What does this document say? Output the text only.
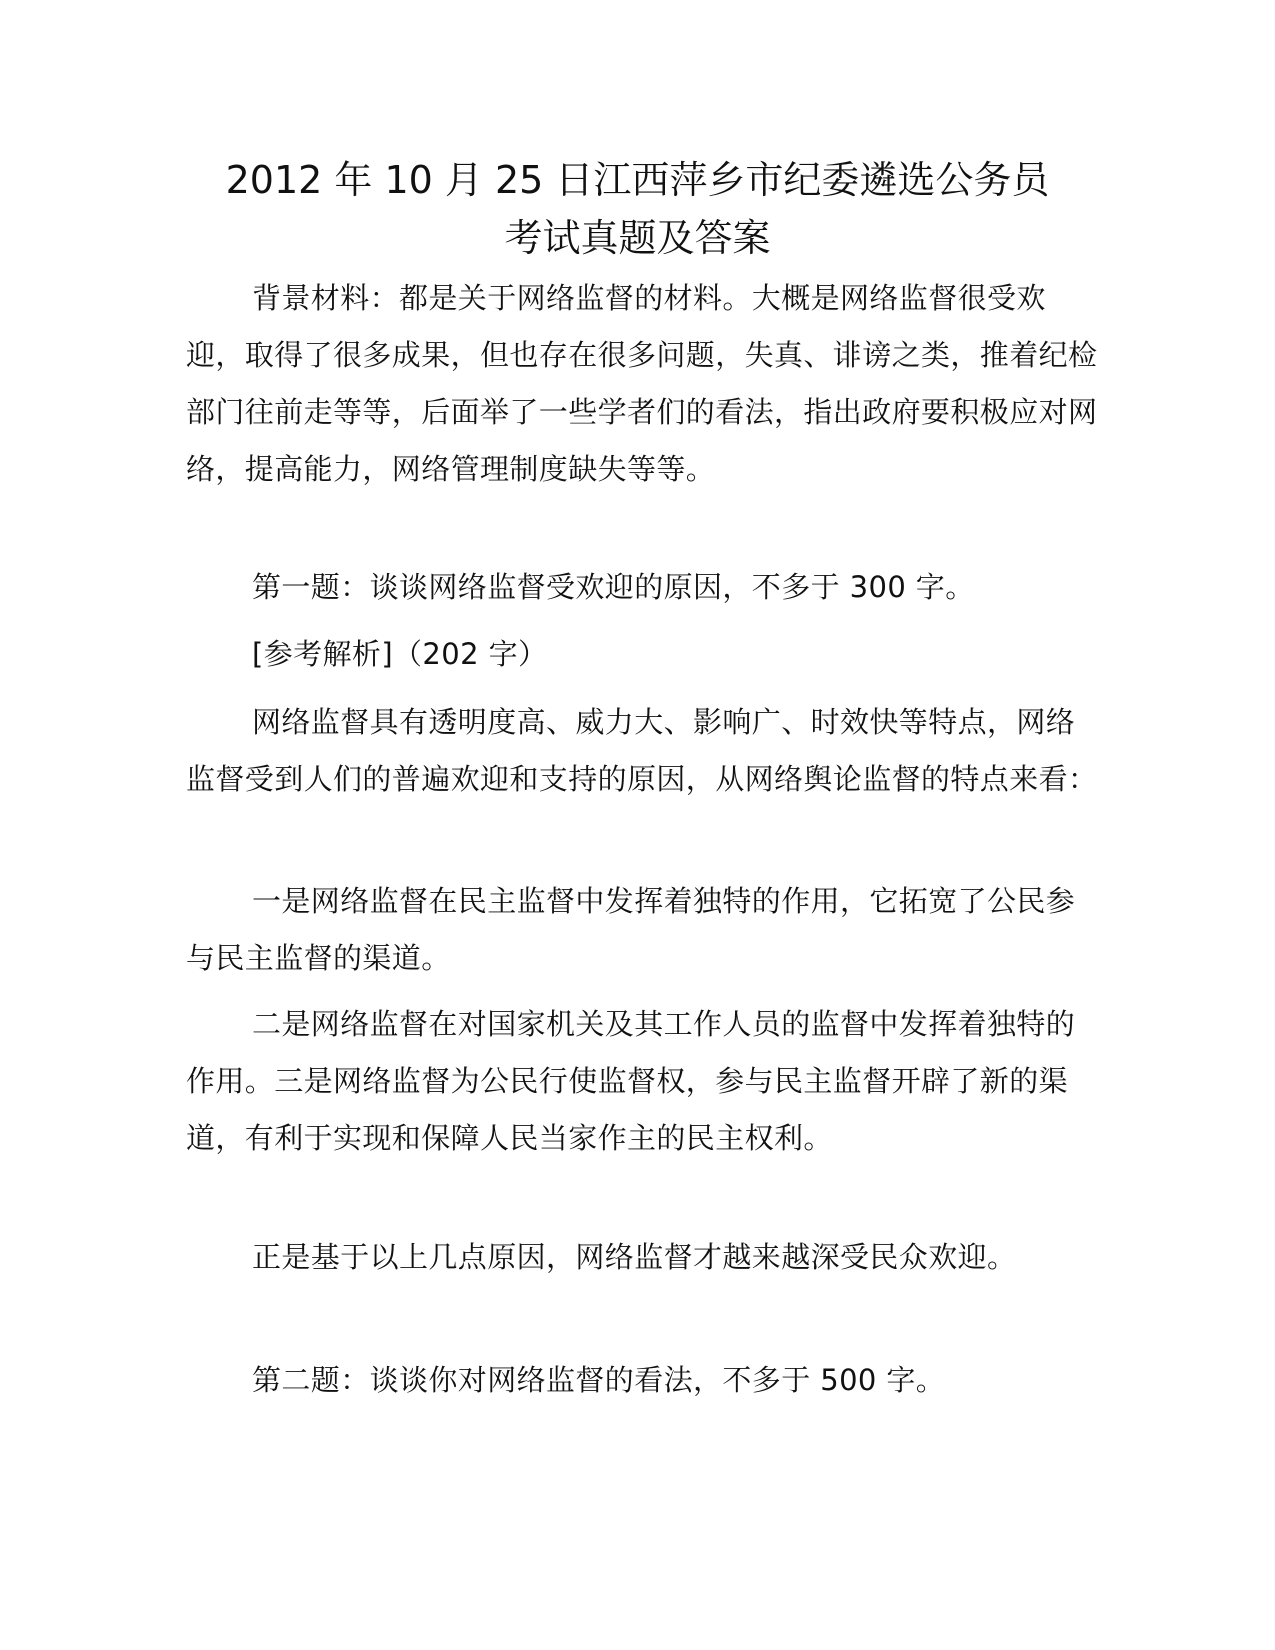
2012 年 10 月 25 日江西萍乡市纪委遴选公务员
考试真题及答案

背景材料：都是关于网络监督的材料。大概是网络监督很受欢迎，取得了很多成果，但也存在很多问题，失真、诽谤之类，推着纪检部门往前走等等，后面举了一些学者们的看法，指出政府要积极应对网络，提高能力，网络管理制度缺失等等。

第一题：谈谈网络监督受欢迎的原因，不多于 300 字。

[参考解析]（202 字）

网络监督具有透明度高、威力大、影响广、时效快等特点，网络监督受到人们的普遍欢迎和支持的原因，从网络舆论监督的特点来看：

一是网络监督在民主监督中发挥着独特的作用，它拓宽了公民参与民主监督的渠道。

二是网络监督在对国家机关及其工作人员的监督中发挥着独特的作用。三是网络监督为公民行使监督权，参与民主监督开辟了新的渠道，有利于实现和保障人民当家作主的民主权利。

正是基于以上几点原因，网络监督才越来越深受民众欢迎。

第二题：谈谈你对网络监督的看法，不多于 500 字。
